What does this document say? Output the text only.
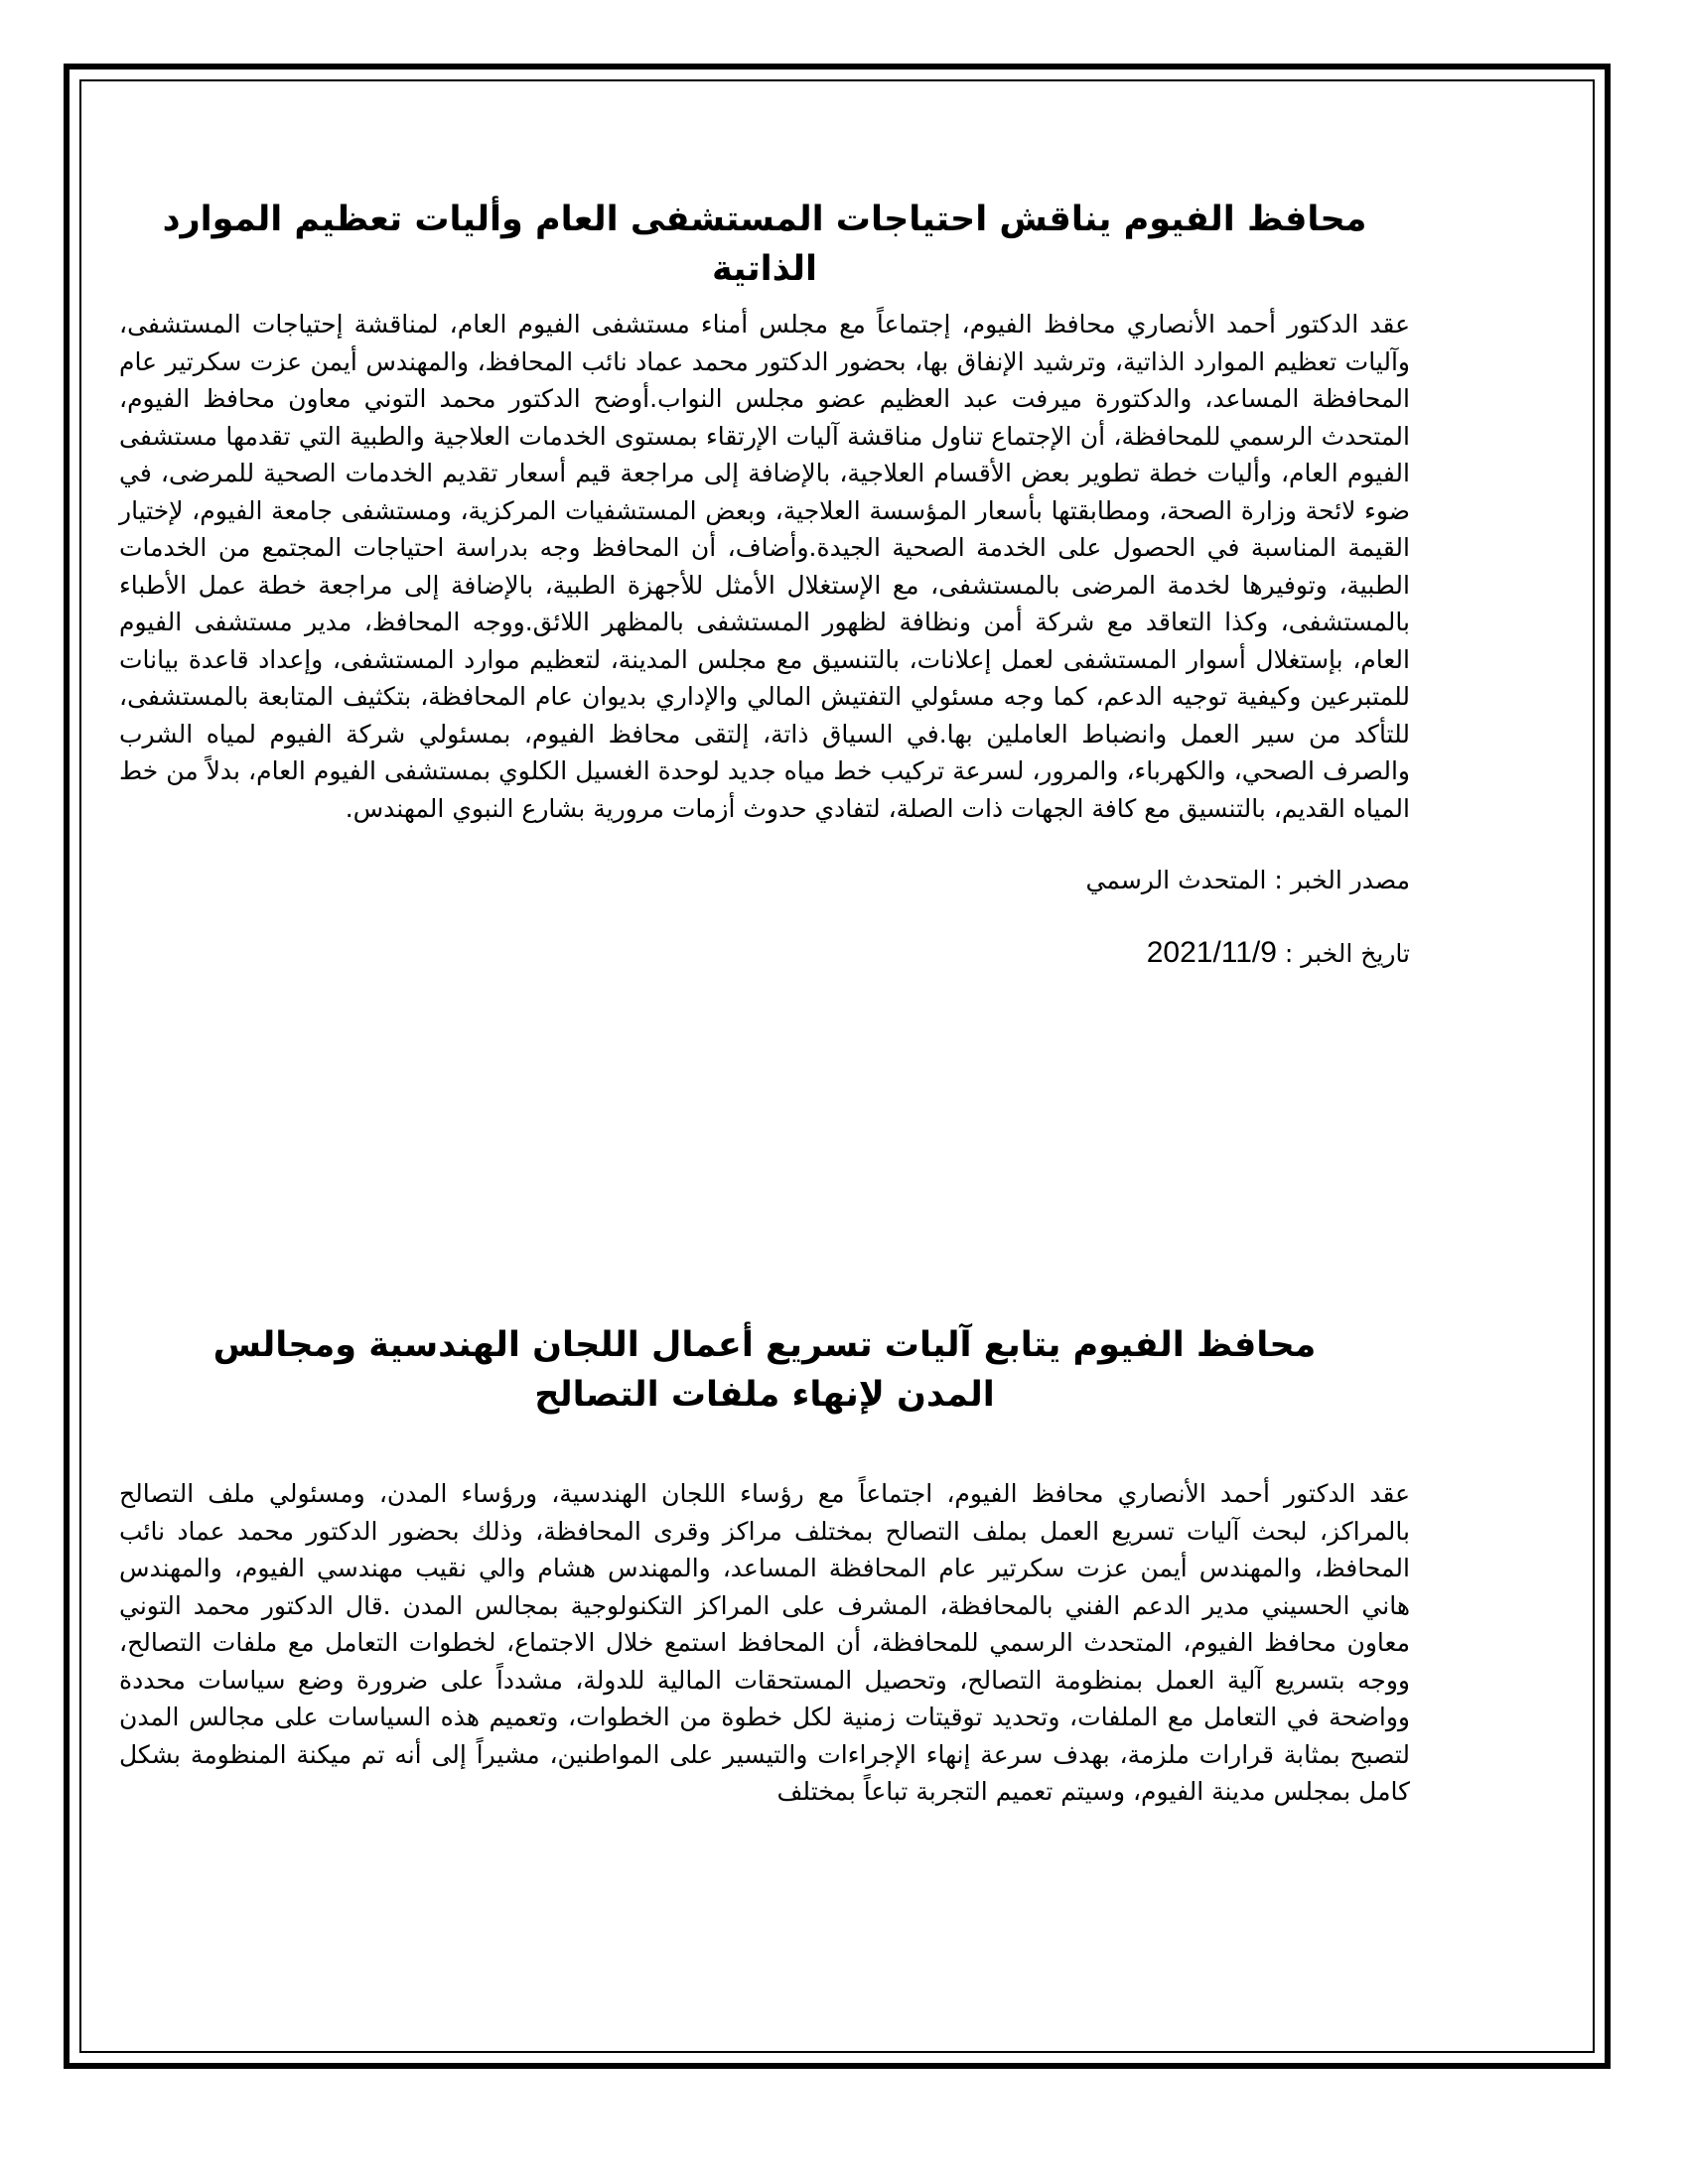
محافظ الفيوم يناقش احتياجات المستشفى العام وأليات تعظيم الموارد الذاتية

عقد الدكتور أحمد الأنصاري محافظ الفيوم، إجتماعاً مع مجلس أمناء مستشفى الفيوم العام، لمناقشة إحتياجات المستشفى، وآليات تعظيم الموارد الذاتية، وترشيد الإنفاق بها، بحضور الدكتور محمد عماد نائب المحافظ، والمهندس أيمن عزت سكرتير عام المحافظة المساعد، والدكتورة ميرفت عبد العظيم عضو مجلس النواب.أوضح الدكتور محمد التوني معاون محافظ الفيوم، المتحدث الرسمي للمحافظة، أن الإجتماع تناول مناقشة آليات الإرتقاء بمستوى الخدمات العلاجية والطبية التي تقدمها مستشفى الفيوم العام، وأليات خطة تطوير بعض الأقسام العلاجية، بالإضافة إلى مراجعة قيم أسعار تقديم الخدمات الصحية للمرضى، في ضوء لائحة وزارة الصحة، ومطابقتها بأسعار المؤسسة العلاجية، وبعض المستشفيات المركزية، ومستشفى جامعة الفيوم، لإختيار القيمة المناسبة في الحصول على الخدمة الصحية الجيدة.وأضاف، أن المحافظ وجه بدراسة احتياجات المجتمع من الخدمات الطبية، وتوفيرها لخدمة المرضى بالمستشفى، مع الإستغلال الأمثل للأجهزة الطبية، بالإضافة إلى مراجعة خطة عمل الأطباء بالمستشفى، وكذا التعاقد مع شركة أمن ونظافة لظهور المستشفى بالمظهر اللائق.ووجه المحافظ، مدير مستشفى الفيوم العام، بإستغلال أسوار المستشفى لعمل إعلانات، بالتنسيق مع مجلس المدينة، لتعظيم موارد المستشفى، وإعداد قاعدة بيانات للمتبرعين وكيفية توجيه الدعم، كما وجه مسئولي التفتيش المالي والإداري بديوان عام المحافظة، بتكثيف المتابعة بالمستشفى، للتأكد من سير العمل وانضباط العاملين بها.في السياق ذاتة، إلتقى محافظ الفيوم، بمسئولي شركة الفيوم لمياه الشرب والصرف الصحي، والكهرباء، والمرور، لسرعة تركيب خط مياه جديد لوحدة الغسيل الكلوي بمستشفى الفيوم العام، بدلاً من خط المياه القديم، بالتنسيق مع كافة الجهات ذات الصلة، لتفادي حدوث أزمات مرورية بشارع النبوي المهندس.

مصدر الخبر : المتحدث الرسمي

تاريخ الخبر : 2021/11/9

محافظ الفيوم يتابع آليات تسريع أعمال اللجان الهندسية ومجالس المدن لإنهاء ملفات التصالح

عقد الدكتور أحمد الأنصاري محافظ الفيوم، اجتماعاً مع رؤساء اللجان الهندسية، ورؤساء المدن، ومسئولي ملف التصالح بالمراكز، لبحث آليات تسريع العمل بملف التصالح بمختلف مراكز وقرى المحافظة، وذلك بحضور الدكتور محمد عماد نائب المحافظ، والمهندس أيمن عزت سكرتير عام المحافظة المساعد، والمهندس هشام والي نقيب مهندسي الفيوم، والمهندس هاني الحسيني مدير الدعم الفني بالمحافظة، المشرف على المراكز التكنولوجية بمجالس المدن .قال الدكتور محمد التوني معاون محافظ الفيوم، المتحدث الرسمي للمحافظة، أن المحافظ استمع خلال الاجتماع، لخطوات التعامل مع ملفات التصالح، ووجه بتسريع آلية العمل بمنظومة التصالح، وتحصيل المستحقات المالية للدولة، مشدداً على ضرورة وضع سياسات محددة وواضحة في التعامل مع الملفات، وتحديد توقيتات زمنية لكل خطوة من الخطوات، وتعميم هذه السياسات على مجالس المدن لتصبح بمثابة قرارات ملزمة، بهدف سرعة إنهاء الإجراءات والتيسير على المواطنين، مشيراً إلى أنه تم ميكنة المنظومة بشكل كامل بمجلس مدينة الفيوم، وسيتم تعميم التجربة تباعاً بمختلف
